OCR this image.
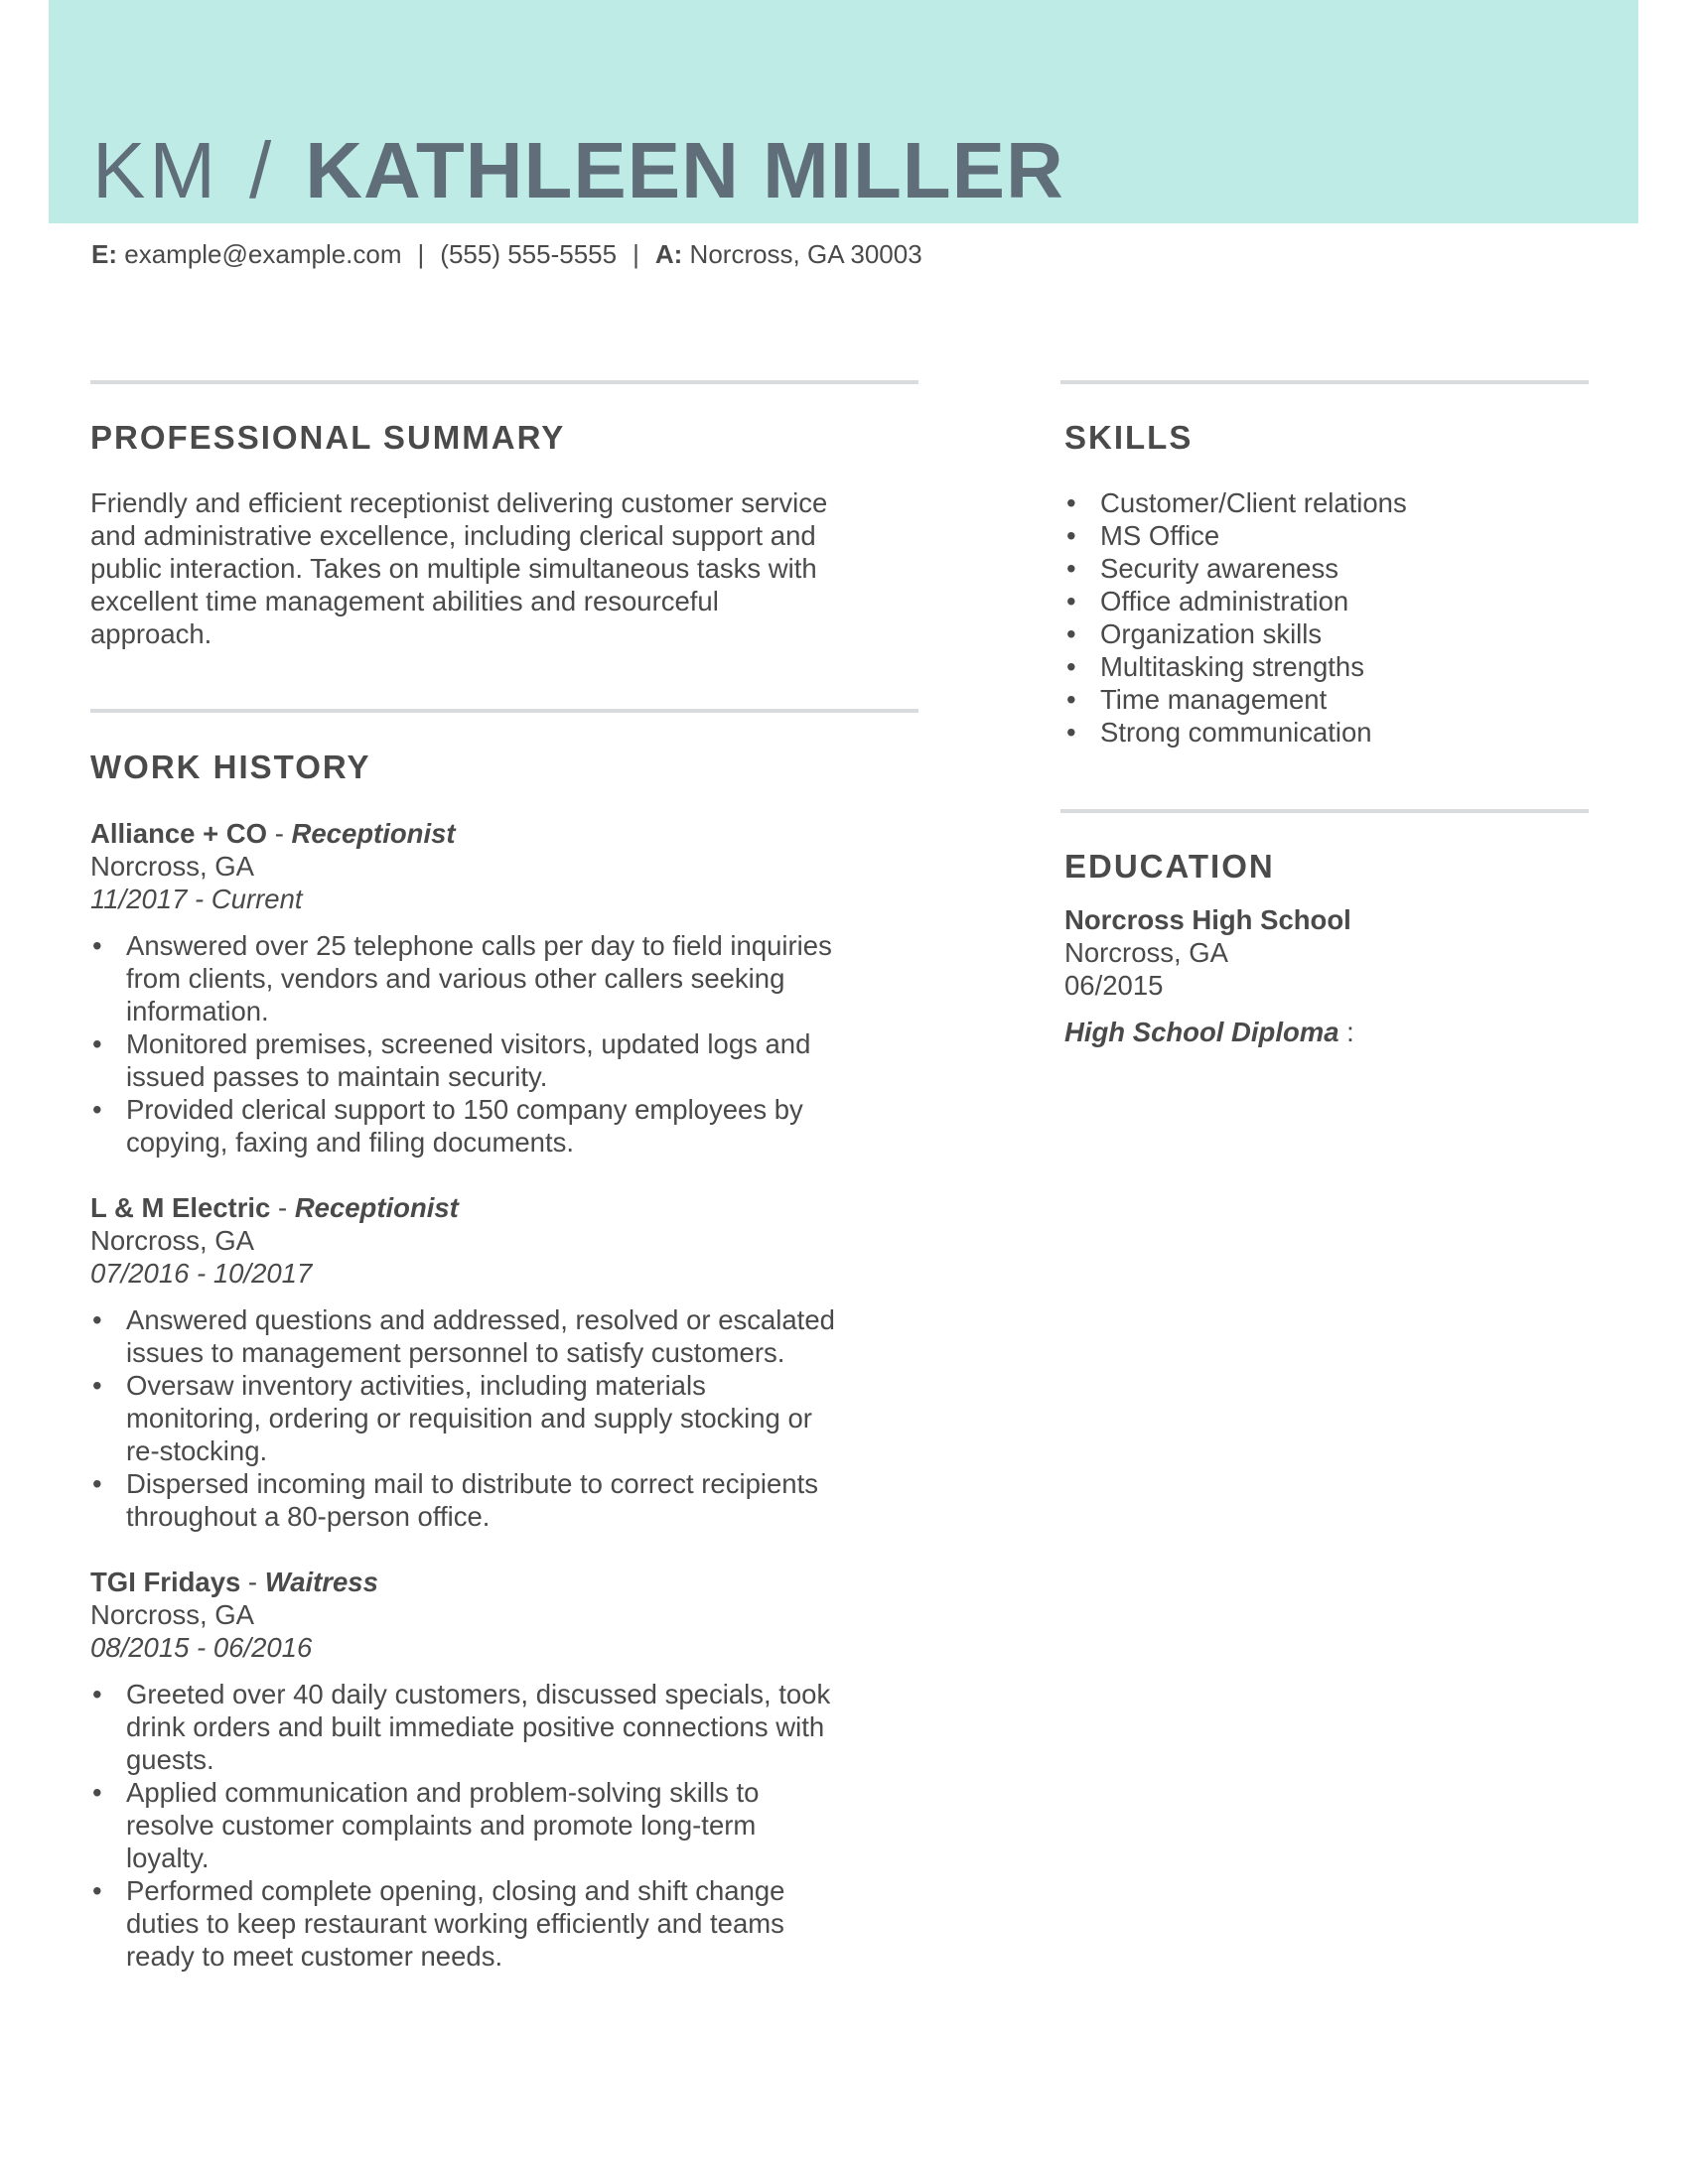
KM / KATHLEEN MILLER
E: example@example.com | (555) 555-5555 | A: Norcross, GA 30003
PROFESSIONAL SUMMARY

Friendly and efficient receptionist delivering customer service

and administrative excellence, including clerical support and

public interaction. Takes on multiple simultaneous tasks with

excellent time management abilities and resourceful

approach.

WORK HISTORY
Alliance + CO - Receptionist
Norcross, GA
11/2017 - Current
• Answered over 25 telephone calls per day to field inquiries
from clients, vendors and various other callers seeking
information.
• Monitored premises, screened visitors, updated logs and
issued passes to maintain security.
• Provided clerical support to 150 company employees by
copying, faxing and filing documents.
L & M Electric - Receptionist
Norcross, GA
07/2016 - 10/2017
• Answered questions and addressed, resolved or escalated
issues to management personnel to satisfy customers.
• Oversaw inventory activities, including materials
monitoring, ordering or requisition and supply stocking or
re-stocking.
• Dispersed incoming mail to distribute to correct recipients
throughout a 80-person office.
TGI Fridays - Waitress
Norcross, GA
08/2015 - 06/2016
• Greeted over 40 daily customers, discussed specials, took
drink orders and built immediate positive connections with
guests.
• Applied communication and problem-solving skills to
resolve customer complaints and promote long-term
loyalty.
• Performed complete opening, closing and shift change
duties to keep restaurant working efficiently and teams
ready to meet customer needs.
SKILLS
• Customer/Client relations
• MS Office
• Security awareness
• Office administration
• Organization skills
• Multitasking strengths
• Time management
• Strong communication
EDUCATION
Norcross High School
Norcross, GA
06/2015
High School Diploma :
